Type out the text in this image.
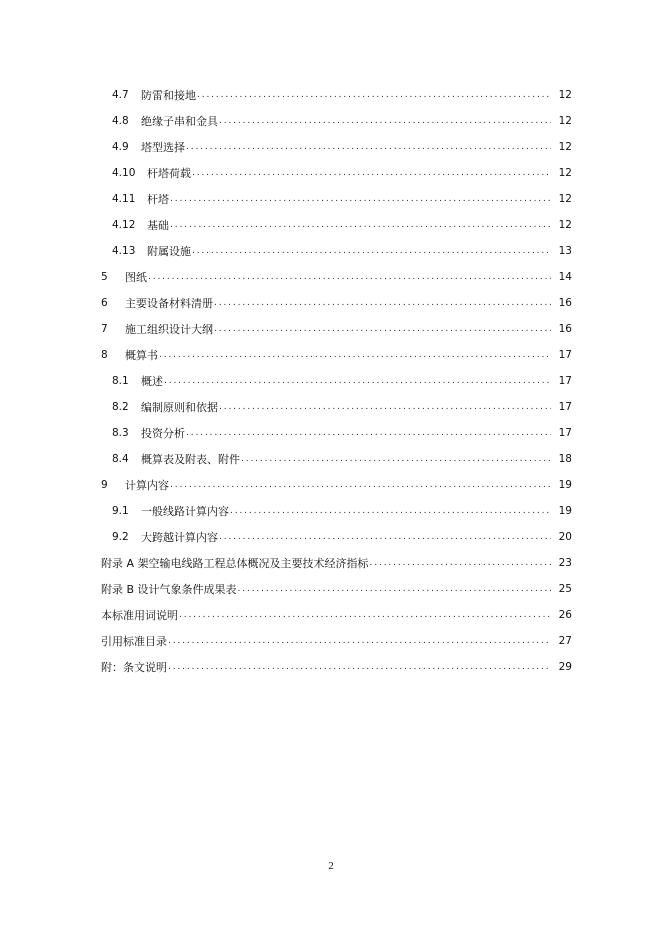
4.7	防雷和接地 . . .	12
4.8	绝缘子串和金具 . . .	12
4.9	塔型选择 . . .	12
4.10	杆塔荷载 . . .	12
4.11	杆塔 . . .	12
4.12	基础 . . .	12
4.13	附属设施 . . .	13
5	图纸 . . .	14
6	主要设备材料清册 . . .	16
7	施工组织设计大纲 . . .	16
8	概算书 . . .	17
8.1	概述 . . .	17
8.2	编制原则和依据 . . .	17
8.3	投资分析 . . .	17
8.4	概算表及附表、附件 . . .	18
9	计算内容 . . .	19
9.1	一般线路计算内容 . . .	19
9.2	大跨越计算内容 . . .	20
附录 A 架空输电线路工程总体概况及主要技术经济指标 . . .	23
附录 B 设计气象条件成果表 . . .	25
本标准用词说明 . . .	26
引用标准目录 . . .	27
附：条文说明 . . .	29
2
